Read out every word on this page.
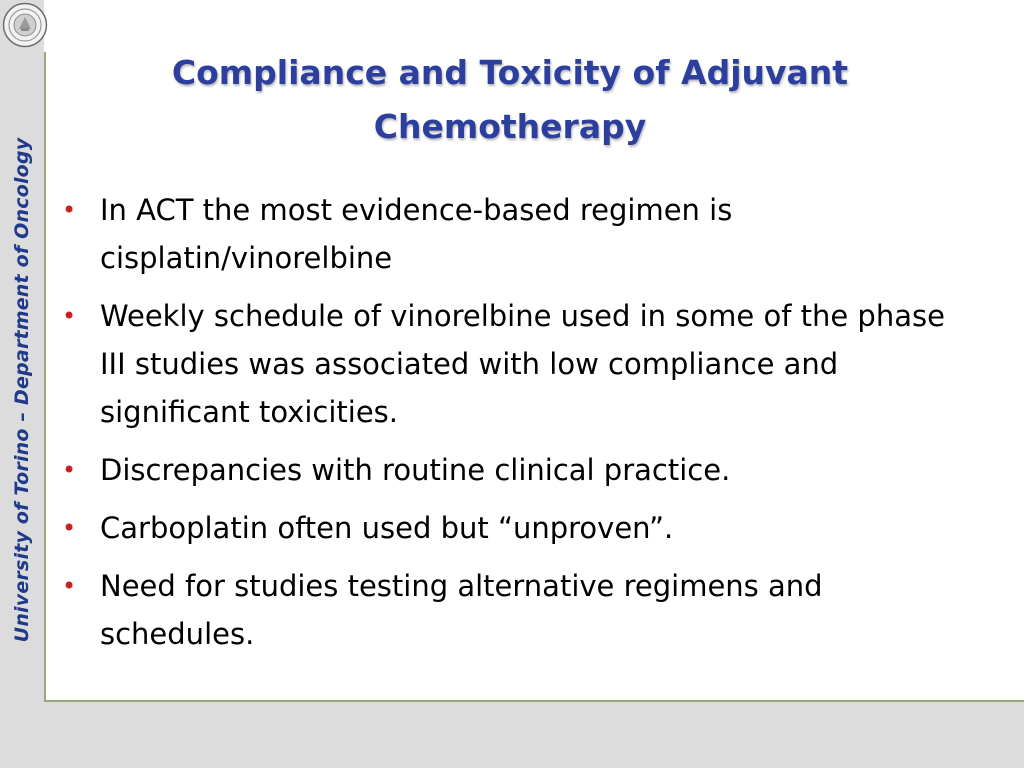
University of Torino – Department of Oncology
Compliance and Toxicity of Adjuvant
Chemotherapy
• In ACT the most evidence-based regimen is cisplatin/vinorelbine
• Weekly schedule of vinorelbine used in some of the phase III studies was associated with low compliance and significant toxicities.
• Discrepancies with routine clinical practice.
• Carboplatin often used but “unproven”.
• Need for studies testing alternative regimens and schedules.
